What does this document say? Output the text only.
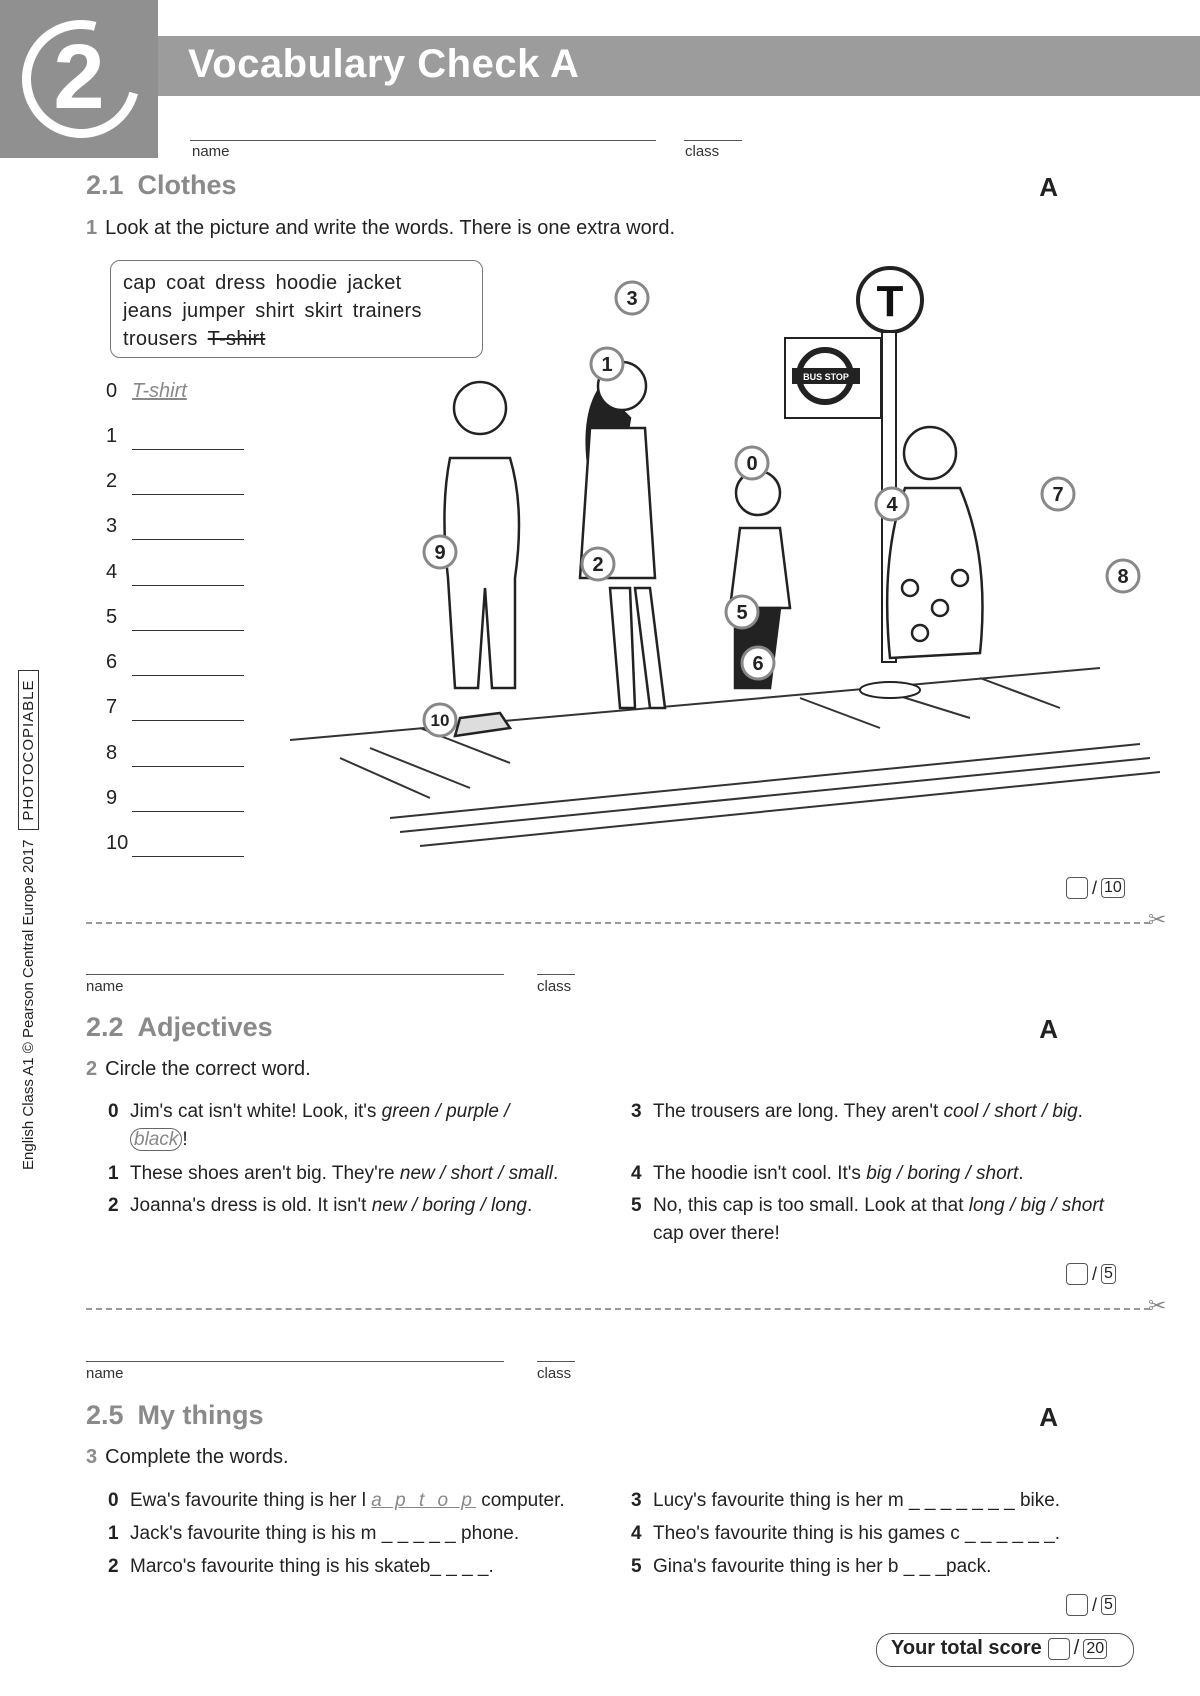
2	Vocabulary Check A
English Class A1 © Pearson Central Europe 2017PHOTOCOPIABLE
name	class
2.1 Clothes	A
1 Look at the picture and write the words. There is one extra word.
cap coat dress hoodie jacket
jeans jumper shirt skirt trainers
trousers T-shirt
0 T-shirt
1
2
3
4
5
6
7
8
9
10
T
BUS STOP
3
1
0
4	7
9
2
8
5
6
10
/ 10
✂
name	class
2.2 Adjectives	A
2 Circle the correct word.
0 Jim's cat isn't white! Look, it's green / purple /
black !
1 These shoes aren't big. They're new / short / small.
2 Joanna's dress is old. It isn't new / boring / long.
3 The trousers are long. They aren't cool / short / big.
4 The hoodie isn't cool. It's big / boring / short.
5 No, this cap is too small. Look at that long / big / short cap over there!
/ 5
✂
name	class
2.5 My things	A
3 Complete the words.
0 Ewa's favourite thing is her l a p t o p computer.
1 Jack's favourite thing is his m _ _ _ _ _ phone.
2 Marco's favourite thing is his skateb_ _ _ _.
3 Lucy's favourite thing is her m _ _ _ _ _ _ _ bike.
4 Theo's favourite thing is his games c _ _ _ _ _ _.
5 Gina's favourite thing is her b _ _ _pack.
/ 5
Your total score / 20
